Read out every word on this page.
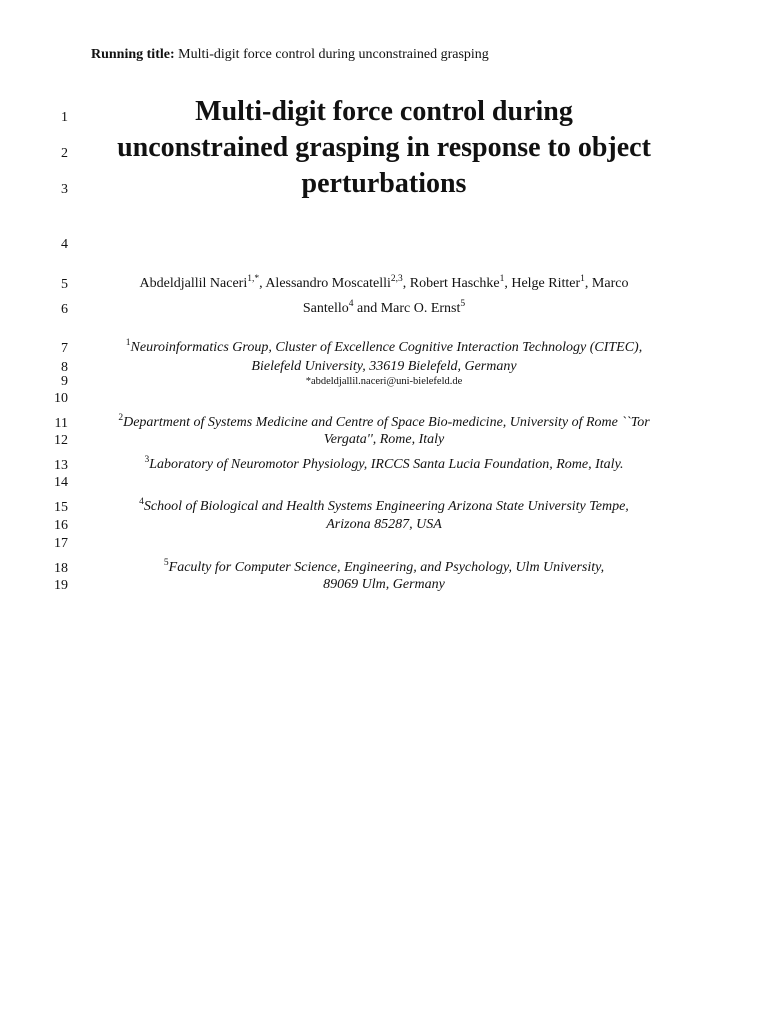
Running title: Multi-digit force control during unconstrained grasping
1
2
3
4
5
6
7
8
9
10
11
12
13
14
15
16
17
18
19
Multi-digit force control during
unconstrained grasping in response to object
perturbations
Abdeldjallil Naceri$^{1,*}$, Alessandro Moscatelli$^{2,3}$, Robert Haschke$^1$, Helge Ritter$^1$, Marco
Santello$^4$ and Marc O. Ernst$^5$
$^1$Neuroinformatics Group, Cluster of Excellence Cognitive Interaction Technology (CITEC),
Bielefeld University, 33619 Bielefeld, Germany
*abdeldjallil.naceri@uni-bielefeld.de
$^2$Department of Systems Medicine and Centre of Space Bio-medicine, University of Rome ``Tor
Vergata'', Rome, Italy
$^3$Laboratory of Neuromotor Physiology, IRCCS Santa Lucia Foundation, Rome, Italy.
$^4$School of Biological and Health Systems Engineering Arizona State University Tempe,
Arizona 85287, USA
$^5$Faculty for Computer Science, Engineering, and Psychology, Ulm University,
89069 Ulm, Germany
